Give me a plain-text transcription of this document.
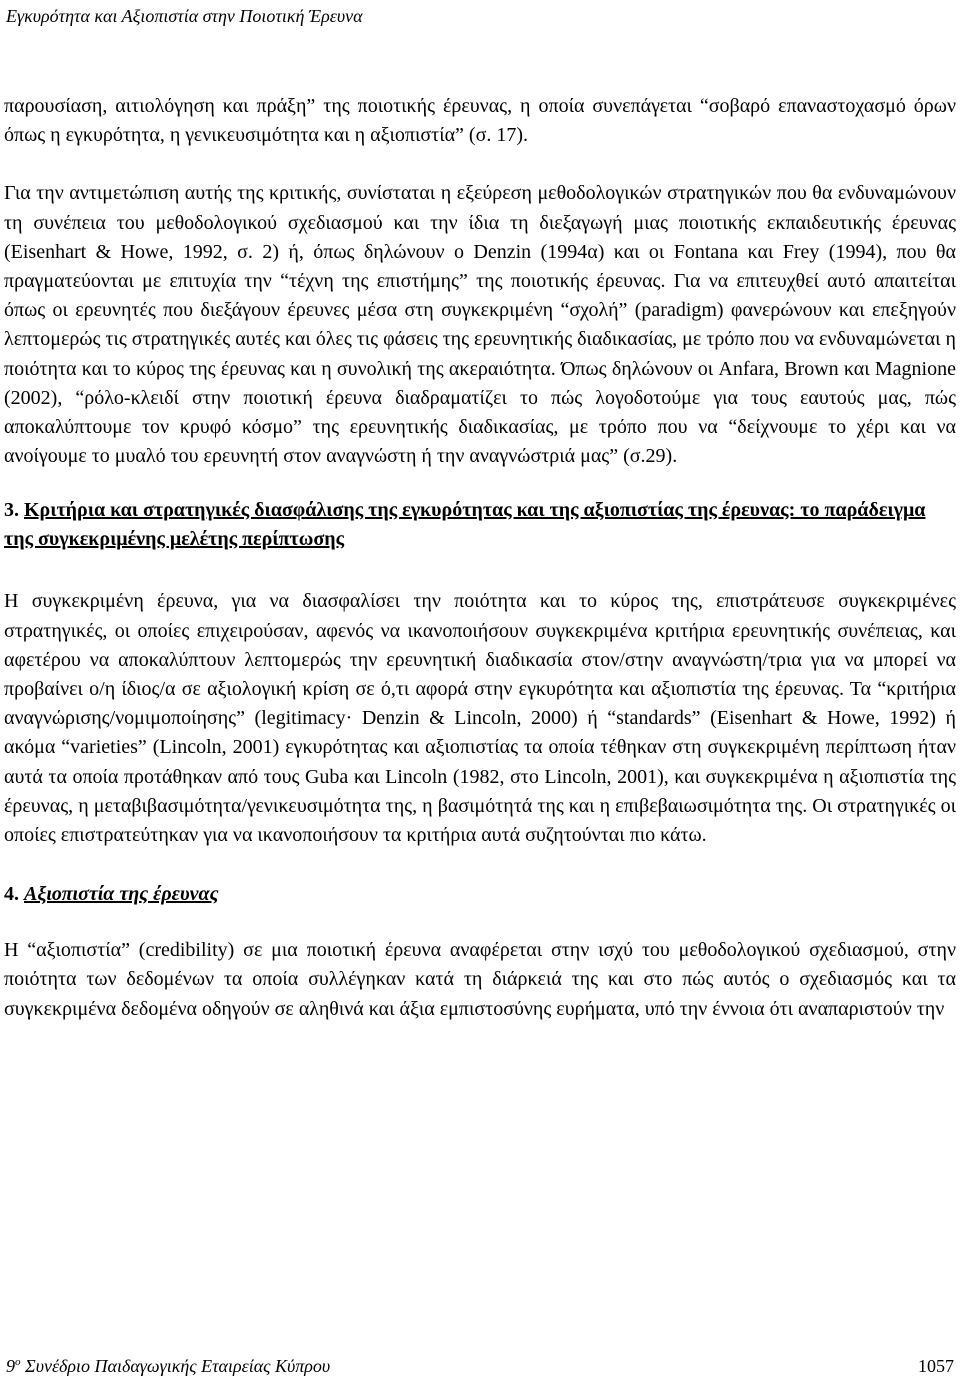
Εγκυρότητα και Αξιοπιστία στην Ποιοτική Έρευνα

παρουσίαση, αιτιολόγηση και πράξη” της ποιοτικής έρευνας, η οποία συνεπάγεται “σοβαρό επαναστοχασμό όρων όπως η εγκυρότητα, η γενικευσιμότητα και η αξιοπιστία” (σ. 17).

Για την αντιμετώπιση αυτής της κριτικής, συνίσταται η εξεύρεση μεθοδολογικών στρατηγικών που θα ενδυναμώνουν τη συνέπεια του μεθοδολογικού σχεδιασμού και την ίδια τη διεξαγωγή μιας ποιοτικής εκπαιδευτικής έρευνας (Eisenhart & Howe, 1992, σ. 2) ή, όπως δηλώνουν ο Denzin (1994α) και οι Fontana και Frey (1994), που θα πραγματεύονται με επιτυχία την “τέχνη της επιστήμης” της ποιοτικής έρευνας. Για να επιτευχθεί αυτό απαιτείται όπως οι ερευνητές που διεξάγουν έρευνες μέσα στη συγκεκριμένη “σχολή” (paradigm) φανερώνουν και επεξηγούν λεπτομερώς τις στρατηγικές αυτές και όλες τις φάσεις της ερευνητικής διαδικασίας, με τρόπο που να ενδυναμώνεται η ποιότητα και το κύρος της έρευνας και η συνολική της ακεραιότητα. Όπως δηλώνουν οι Anfara, Brown και Magnione (2002), “ρόλο-κλειδί στην ποιοτική έρευνα διαδραματίζει το πώς λογοδοτούμε για τους εαυτούς μας, πώς αποκαλύπτουμε τον κρυφό κόσμο” της ερευνητικής διαδικασίας, με τρόπο που να “δείχνουμε το χέρι και να ανοίγουμε το μυαλό του ερευνητή στον αναγνώστη ή την αναγνώστριά μας” (σ.29).

3. Κριτήρια και στρατηγικές διασφάλισης της εγκυρότητας και της αξιοπιστίας της έρευνας: το παράδειγμα της συγκεκριμένης μελέτης περίπτωσης

Η συγκεκριμένη έρευνα, για να διασφαλίσει την ποιότητα και το κύρος της, επιστράτευσε συγκεκριμένες στρατηγικές, οι οποίες επιχειρούσαν, αφενός να ικανοποιήσουν συγκεκριμένα κριτήρια ερευνητικής συνέπειας, και αφετέρου να αποκαλύπτουν λεπτομερώς την ερευνητική διαδικασία στον/στην αναγνώστη/τρια για να μπορεί να προβαίνει ο/η ίδιος/α σε αξιολογική κρίση σε ό,τι αφορά στην εγκυρότητα και αξιοπιστία της έρευνας. Τα “κριτήρια αναγνώρισης/νομιμοποίησης” (legitimacy· Denzin & Lincoln, 2000) ή “standards” (Eisenhart & Howe, 1992) ή ακόμα “varieties” (Lincoln, 2001) εγκυρότητας και αξιοπιστίας τα οποία τέθηκαν στη συγκεκριμένη περίπτωση ήταν αυτά τα οποία προτάθηκαν από τους Guba και Lincoln (1982, στο Lincoln, 2001), και συγκεκριμένα η αξιοπιστία της έρευνας, η μεταβιβασιμότητα/γενικευσιμότητα της, η βασιμότητά της και η επιβεβαιωσιμότητα της. Οι στρατηγικές οι οποίες επιστρατεύτηκαν για να ικανοποιήσουν τα κριτήρια αυτά συζητούνται πιο κάτω.

4. Αξιοπιστία της έρευνας

Η “αξιοπιστία” (credibility) σε μια ποιοτική έρευνα αναφέρεται στην ισχύ του μεθοδολογικού σχεδιασμού, στην ποιότητα των δεδομένων τα οποία συλλέγηκαν κατά τη διάρκειά της και στο πώς αυτός ο σχεδιασμός και τα συγκεκριμένα δεδομένα οδηγούν σε αληθινά και άξια εμπιστοσύνης ευρήματα, υπό την έννοια ότι αναπαριστούν την

$9^o$ Συνέδριο Παιδαγωγικής Εταιρείας Κύπρου	1057
